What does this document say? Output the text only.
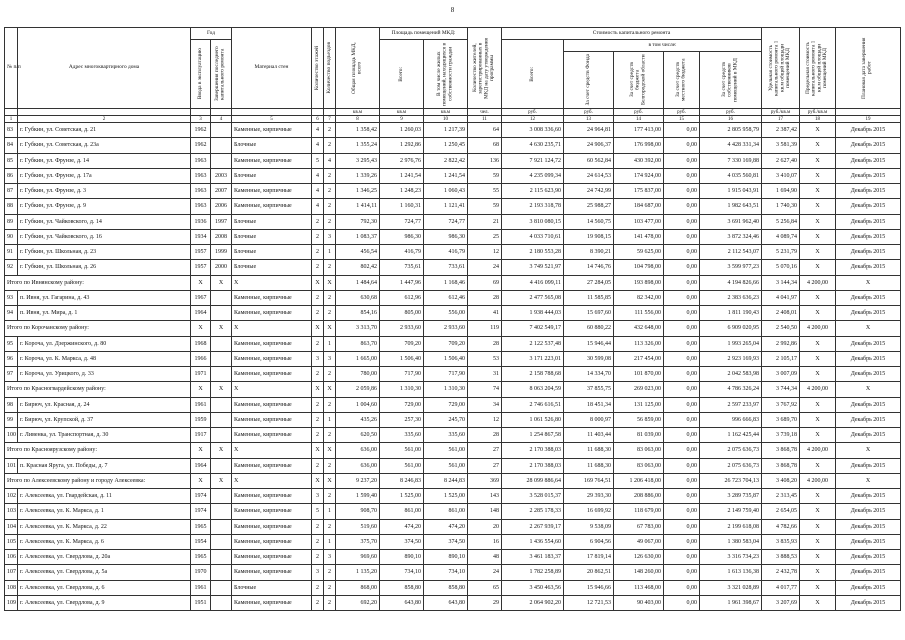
8
№ п/п	Адрес многоквартирного дома	Год		Материал стен	Количество этажей	Количество подъездов	Общая площадь МКД, всего	Площадь помещений МКД:		Количество жителей, зарегистрированных в МКД на дату утверждения программы	Стоимость капитального ремонта					Удельная стоимость капитального ремонта 1 кв.м общей площади помещений МКД	Предельная стоимость капитального ремонта 1 кв.м общей площади помещений МКД	Плановая дата завершения работ

		Ввода в эксплуатацию	Завершения последнего капитального ремонта					Всего:	В том числе жилых помещений, находящихся в собственности граждан		Всего:	в том числе:						

												За счет средств Фонда	За счет средств бюджета Белгородской области	За счет средств местного бюджета	За счет средств собственников помещений в МКД			

							кв.м	кв.м	кв.м	чел.	руб.	руб.	руб.	руб.	руб.	руб./кв.м	руб./кв.м	
1	2	3	4	5	6	7	8	9	10	11	12	13	14	15	16	17	18	19
83	г. Губкин, ул. Советская, д. 21	1962		Каменные, кирпичные	4	2	1 358,42	1 260,03	1 217,39	64	3 008 336,60	24 964,81	177 413,00	0,00	2 805 958,79	2 387,42	X	Декабрь 2015
84	г. Губкин, ул. Советская, д. 23а	1962		Блочные	4	2	1 355,24	1 292,86	1 250,45	68	4 630 235,71	24 906,37	176 998,00	0,00	4 428 331,34	3 581,39	X	Декабрь 2015
85	г. Губкин, ул. Фрунзе, д. 14	1963		Каменные, кирпичные	5	4	3 295,43	2 976,76	2 822,42	136	7 921 124,72	60 562,84	430 392,00	0,00	7 330 169,88	2 627,40	X	Декабрь 2015
86	г. Губкин, ул. Фрунзе, д. 17а	1963	2003	Блочные	4	2	1 339,26	1 241,54	1 241,54	59	4 235 099,34	24 614,53	174 924,00	0,00	4 035 560,81	3 410,07	X	Декабрь 2015
87	г. Губкин, ул. Фрунзе, д. 3	1963	2007	Каменные, кирпичные	4	2	1 346,25	1 248,23	1 060,43	55	2 115 623,90	24 742,99	175 837,00	0,00	1 915 043,91	1 694,90	X	Декабрь 2015
88	г. Губкин, ул. Фрунзе, д. 9	1963	2006	Каменные, кирпичные	4	2	1 414,11	1 160,31	1 121,41	59	2 193 318,78	25 988,27	184 687,00	0,00	1 982 643,51	1 740,30	X	Декабрь 2015
89	г. Губкин, ул. Чайковского, д. 14	1936	1997	Блочные	2	2	792,30	724,77	724,77	21	3 810 080,15	14 560,75	103 477,00	0,00	3 691 962,40	5 256,84	X	Декабрь 2015
90	г. Губкин, ул. Чайковского, д. 16	1934	2008	Блочные	2	3	1 083,37	986,30	986,30	25	4 033 710,61	19 908,15	141 478,00	0,00	3 872 324,46	4 089,74	X	Декабрь 2015
91	г. Губкин, ул. Школьная, д. 23	1957	1999	Блочные	2	1	456,54	416,79	416,79	12	2 180 553,28	8 390,21	59 625,00	0,00	2 112 543,07	5 231,79	X	Декабрь 2015
92	г. Губкин, ул. Школьная, д. 26	1957	2000	Блочные	2	2	802,42	735,61	733,61	24	3 749 521,97	14 746,76	104 798,00	0,00	3 599 977,23	5 070,16	X	Декабрь 2015
Итого по Ивнянскому району:		X	X	X	X	X	1 484,64	1 447,96	1 168,46	69	4 416 099,11	27 284,05	193 898,00	0,00	4 194 826,66	3 144,34	4 200,00	X
93	п. Ивня, ул. Гагарина, д. 43	1967		Каменные, кирпичные	2	2	630,68	612,96	612,46	28	2 477 565,08	11 585,85	82 342,00	0,00	2 383 636,23	4 041,97	X	Декабрь 2015
94	п. Ивня, ул. Мира, д. 1	1964		Каменные, кирпичные	2	2	854,16	805,00	556,00	41	1 938 444,03	15 697,60	111 556,00	0,00	1 811 190,43	2 408,01	X	Декабрь 2015
Итого по Корочанскому району:		X	X	X	X	X	3 313,70	2 933,60	2 933,60	119	7 402 549,17	60 880,22	432 648,00	0,00	6 909 020,95	2 540,50	4 200,00	X
95	г. Короча, ул. Дзержинского, д. 80	1968		Каменные, кирпичные	2	1	863,70	709,20	709,20	28	2 122 537,48	15 946,44	113 326,00	0,00	1 993 265,04	2 992,86	X	Декабрь 2015
96	г. Короча, ул. К. Маркса, д. 48	1966		Каменные, кирпичные	3	3	1 665,00	1 506,40	1 506,40	53	3 171 223,01	30 599,08	217 454,00	0,00	2 923 169,93	2 105,17	X	Декабрь 2015
97	г. Короча, ул. Урицкого, д. 33	1971		Каменные, кирпичные	2	2	780,00	717,90	717,90	31	2 158 788,68	14 334,70	101 870,00	0,00	2 042 583,98	3 007,09	X	Декабрь 2015
Итого по Красногвардейскому району:		X	X	X	X	X	2 059,86	1 310,30	1 310,30	74	8 063 204,59	37 855,75	269 023,00	0,00	4 786 326,24	3 744,34	4 200,00	X
98	г. Бирюч, ул. Красная, д. 24	1961		Каменные, кирпичные	2	2	1 004,60	729,00	729,00	34	2 746 616,51	18 451,34	131 125,00	0,00	2 597 233,97	3 767,92	X	Декабрь 2015
99	г. Бирюч, ул. Крупской, д. 37	1959		Каменные, кирпичные	2	1	435,26	257,30	245,70	12	1 061 526,80	8 000,97	56 859,00	0,00	996 666,83	3 689,70	X	Декабрь 2015
100	г. Ливенка, ул. Транспортная, д. 30	1917		Каменные, кирпичные	2	2	620,50	335,60	335,60	28	1 254 867,58	11 403,44	81 039,00	0,00	1 162 425,44	3 739,18	X	Декабрь 2015
Итого по Красноярузскому району:		X	X	X	X	X	636,00	561,00	561,00	27	2 170 388,03	11 688,30	83 063,00	0,00	2 075 636,73	3 868,78	4 200,00	X
101	п. Красная Яруга, ул. Победы, д. 7	1964		Каменные, кирпичные	2	2	636,00	561,00	561,00	27	2 170 388,03	11 688,30	83 063,00	0,00	2 075 636,73	3 868,78	X	Декабрь 2015
Итого по Алексеевскому району и городу Алексеевка:		X	X	X	X	X	9 237,20	8 246,83	8 244,83	369	28 099 886,64	169 764,51	1 206 418,00	0,00	26 723 704,13	3 408,20	4 200,00	X
102	г. Алексеевка, ул. Гвардейская, д. 11	1974		Каменные, кирпичные	3	2	1 599,40	1 525,00	1 525,00	143	3 528 015,37	29 393,30	208 886,00	0,00	3 289 735,87	2 313,45	X	Декабрь 2015
103	г. Алексеевка, ул. К. Маркса, д. 1	1974		Каменные, кирпичные	5	1	908,70	861,00	861,00	148	2 285 178,33	16 699,92	118 679,00	0,00	2 149 759,40	2 654,05	X	Декабрь 2015
104	г. Алексеевка, ул. К. Маркса, д. 22	1965		Каменные, кирпичные	2	2	519,60	474,20	474,20	20	2 267 939,17	9 538,09	67 783,00	0,00	2 199 618,08	4 782,66	X	Декабрь 2015
105	г. Алексеевка, ул. К. Маркса, д. 6	1954		Каменные, кирпичные	2	1	375,70	374,50	374,50	16	1 436 554,60	6 904,56	49 067,00	0,00	1 380 583,04	3 835,93	X	Декабрь 2015
106	г. Алексеевка, ул. Свердлова, д. 20а	1965		Каменные, кирпичные	2	3	969,60	890,10	890,10	48	3 461 183,37	17 819,14	126 630,00	0,00	3 316 734,23	3 888,53	X	Декабрь 2015
107	г. Алексеевка, ул. Свердлова, д. 5а	1970		Каменные, кирпичные	3	2	1 135,20	734,10	734,10	24	1 782 258,89	20 862,51	148 260,00	0,00	1 613 136,38	2 432,78	X	Декабрь 2015
108	г. Алексеевка, ул. Свердлова, д. 6	1961		Блочные	2	2	868,00	858,80	858,80	65	3 450 463,56	15 946,66	113 468,00	0,00	3 321 028,89	4 017,77	X	Декабрь 2015
109	г. Алексеевка, ул. Свердлова, д. 9	1951		Каменные, кирпичные	2	2	692,20	643,80	643,80	29	2 064 902,20	12 721,53	90 403,00	0,00	1 961 398,67	3 207,69	X	Декабрь 2015
